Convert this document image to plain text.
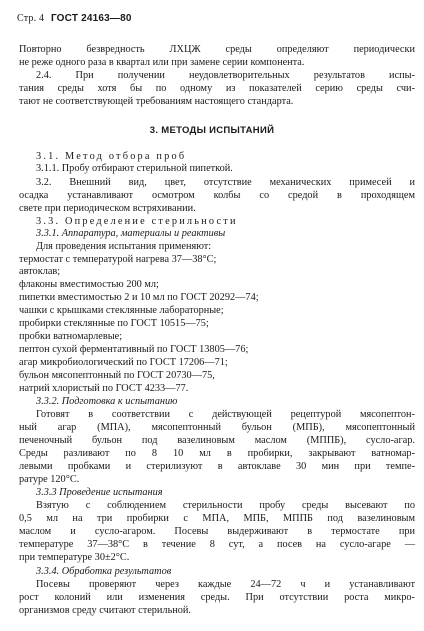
Стр. 4 ГОСТ 24163—80
Повторно безвредность ЛХЦЖ среды определяют периодически
не реже одного раза в квартал или при замене серии компонента.
2.4. При получении неудовлетворительных результатов испы-
тания среды хотя бы по одному из показателей серию среды счи-
тают не соответствующей требованиям настоящего стандарта.
3. МЕТОДЫ ИСПЫТАНИЙ
3.1. Метод отбора проб
3.1.1. Пробу отбирают стерильной пипеткой.
3.2. Внешний вид, цвет, отсутствие механических примесей и
осадка устанавливают осмотром колбы со средой в проходящем
свете при периодическом встряхивании.
3.3. Определение стерильности
3.3.1. Аппаратура, материалы и реактивы
Для проведения испытания применяют:
термостат с температурой нагрева 37—38°С;
автоклав;
флаконы вместимостью 200 мл;
пипетки вместимостью 2 и 10 мл по ГОСТ 20292—74;
чашки с крышками стеклянные лабораторные;
пробирки стеклянные по ГОСТ 10515—75;
пробки ватномарлевые;
пептон сухой ферментативный по ГОСТ 13805—76;
агар микробиологический по ГОСТ 17206—71;
бульон мясопептонный по ГОСТ 20730—75,
натрий хлористый по ГОСТ 4233—77.
3.3.2. Подготовка к испытанию
Готовят в соответствии с действующей рецептурой мясопептон-
ный агар (МПА), мясопептонный бульон (МПБ), мясопептонный
печеночный бульон под вазелиновым маслом (МППБ), сусло-агар.
Среды разливают по 8 10 мл в пробирки, закрывают ватномар-
левыми пробками и стерилизуют в автоклаве 30 мин при темпе-
ратуре 120°С.
3.3.3 Проведение испытания
Взятую с соблюдением стерильности пробу среды высевают по
0,5 мл на три пробирки с МПА, МПБ, МППБ под вазелиновым
маслом и сусло-агаром. Посевы выдерживают в термостате при
температуре 37—38°С в течение 8 сут, а посев на сусло-агаре —
при температуре 30±2°С.
3.3.4. Обработка результатов
Посевы проверяют через каждые 24—72 ч и устанавливают
рост колоний или изменения среды. При отсутствии роста микро-
организмов среду считают стерильной.
